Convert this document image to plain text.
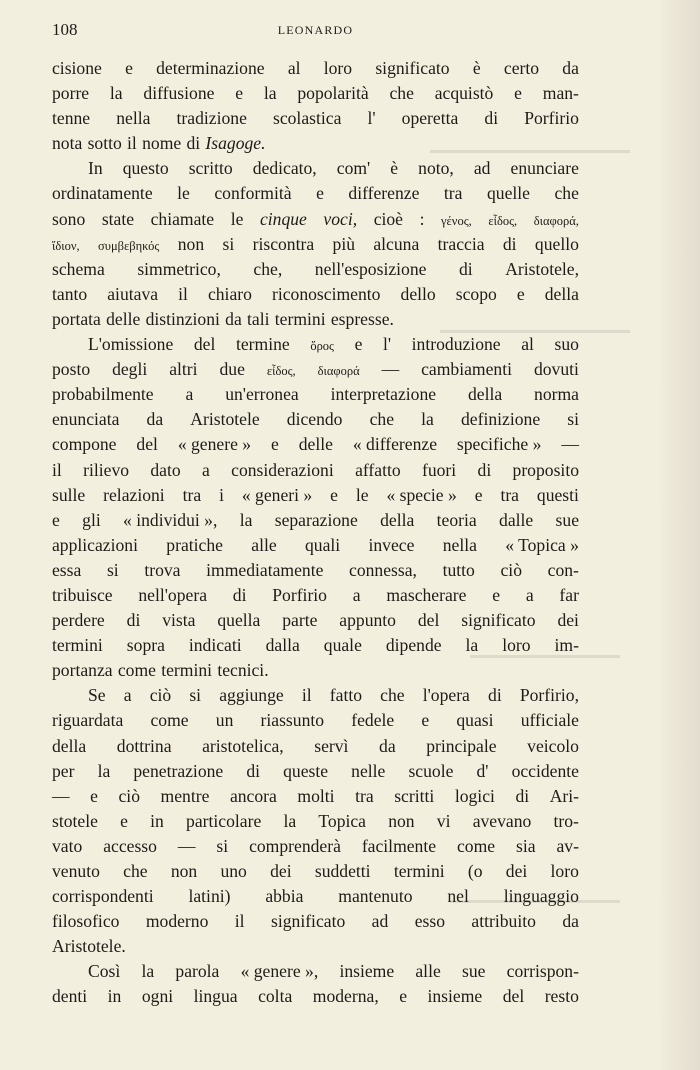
108	LEONARDO
cisione e determinazione al loro significato è certo da
porre la diffusione e la popolarità che acquistò e man-
tenne nella tradizione scolastica l' operetta di Porfirio
nota sotto il nome di Isagoge.
In questo scritto dedicato, com' è noto, ad enunciare
ordinatamente le conformità e differenze tra quelle che
sono state chiamate le cinque voci, cioè : γένος, εἶδος, διαφορά,
ἴδιον, συμβεβηκός non si riscontra più alcuna traccia di quello
schema simmetrico, che, nell'esposizione di Aristotele,
tanto aiutava il chiaro riconoscimento dello scopo e della
portata delle distinzioni da tali termini espresse.
L'omissione del termine ὅρος e l' introduzione al suo
posto degli altri due εἶδος, διαφορά — cambiamenti dovuti
probabilmente a un'erronea interpretazione della norma
enunciata da Aristotele dicendo che la definizione si
compone del « genere » e delle « differenze specifiche » —
il rilievo dato a considerazioni affatto fuori di proposito
sulle relazioni tra i « generi » e le « specie » e tra questi
e gli « individui », la separazione della teoria dalle sue
applicazioni pratiche alle quali invece nella « Topica »
essa si trova immediatamente connessa, tutto ciò con-
tribuisce nell'opera di Porfirio a mascherare e a far
perdere di vista quella parte appunto del significato dei
termini sopra indicati dalla quale dipende la loro im-
portanza come termini tecnici.
Se a ciò si aggiunge il fatto che l'opera di Porfirio,
riguardata come un riassunto fedele e quasi ufficiale
della dottrina aristotelica, servì da principale veicolo
per la penetrazione di queste nelle scuole d' occidente
— e ciò mentre ancora molti tra scritti logici di Ari-
stotele e in particolare la Topica non vi avevano tro-
vato accesso — si comprenderà facilmente come sia av-
venuto che non uno dei suddetti termini (o dei loro
corrispondenti latini) abbia mantenuto nel linguaggio
filosofico moderno il significato ad esso attribuito da
Aristotele.
Così la parola « genere », insieme alle sue corrispon-
denti in ogni lingua colta moderna, e insieme del resto
